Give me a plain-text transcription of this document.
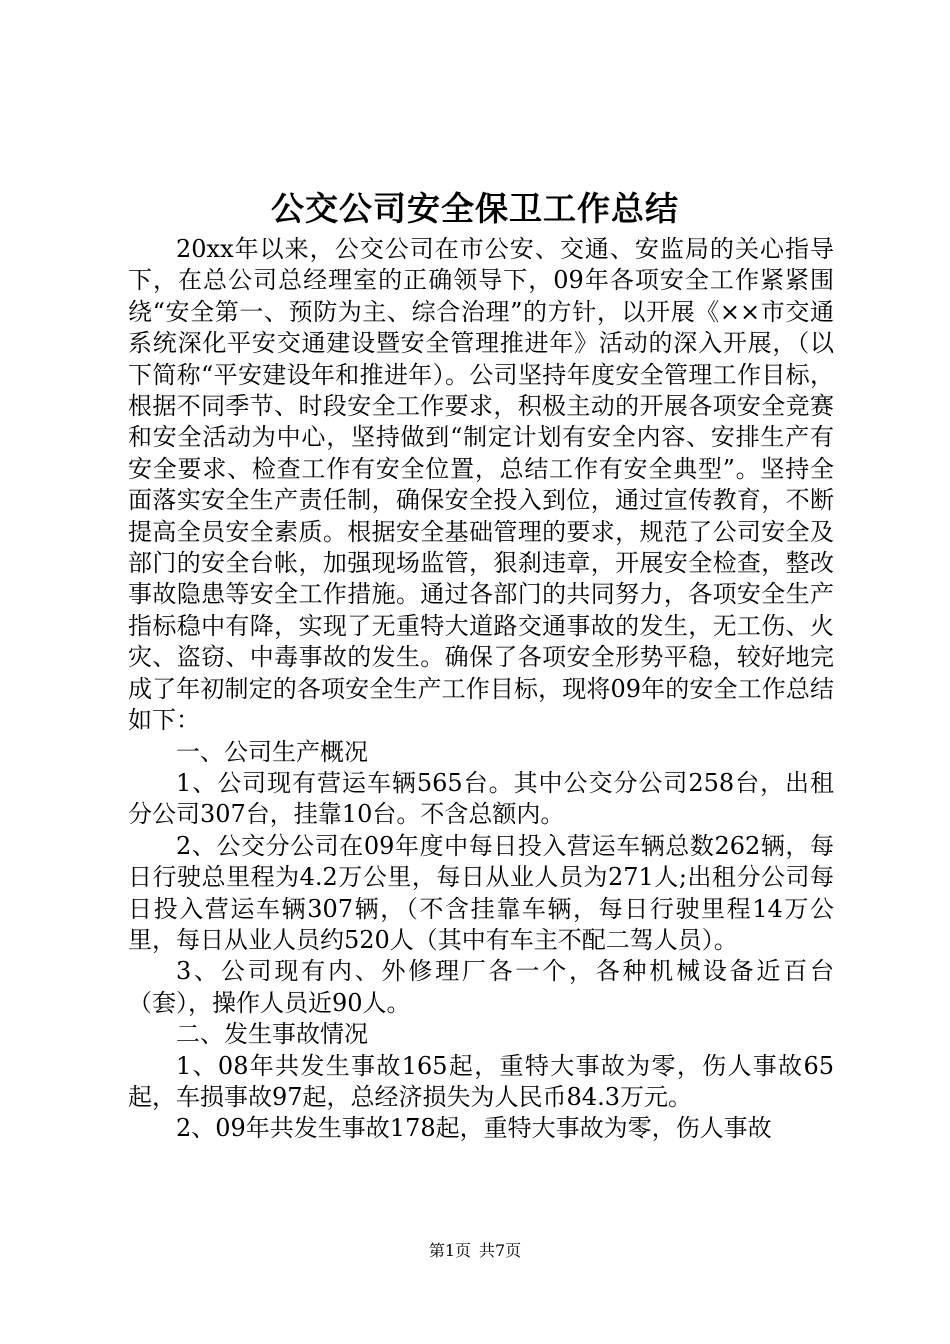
公交公司安全保卫工作总结

20xx年以来，公交公司在市公安、交通、安监局的关心指导下，在总公司总经理室的正确领导下，09年各项安全工作紧紧围绕“安全第一、预防为主、综合治理”的方针，以开展《××市交通系统深化平安交通建设暨安全管理推进年》活动的深入开展，（以下简称“平安建设年和推进年）。公司坚持年度安全管理工作目标，根据不同季节、时段安全工作要求，积极主动的开展各项安全竞赛和安全活动为中心，坚持做到“制定计划有安全内容、安排生产有安全要求、检查工作有安全位置，总结工作有安全典型”。坚持全面落实安全生产责任制，确保安全投入到位，通过宣传教育，不断提高全员安全素质。根据安全基础管理的要求，规范了公司安全及部门的安全台帐，加强现场监管，狠刹违章，开展安全检查，整改事故隐患等安全工作措施。通过各部门的共同努力，各项安全生产指标稳中有降，实现了无重特大道路交通事故的发生，无工伤、火灾、盗窃、中毒事故的发生。确保了各项安全形势平稳，较好地完成了年初制定的各项安全生产工作目标，现将09年的安全工作总结如下：

一、公司生产概况

1、公司现有营运车辆565台。其中公交分公司258台，出租分公司307台，挂靠10台。不含总额内。

2、公交分公司在09年度中每日投入营运车辆总数262辆，每日行驶总里程为4.2万公里，每日从业人员为271人;出租分公司每日投入营运车辆307辆，（不含挂靠车辆，每日行驶里程14万公里，每日从业人员约520人（其中有车主不配二驾人员）。

3、公司现有内、外修理厂各一个，各种机械设备近百台（套），操作人员近90人。

二、发生事故情况

1、08年共发生事故165起，重特大事故为零，伤人事故65起，车损事故97起，总经济损失为人民币84.3万元。

2、09年共发生事故178起，重特大事故为零，伤人事故

第1页 共7页
